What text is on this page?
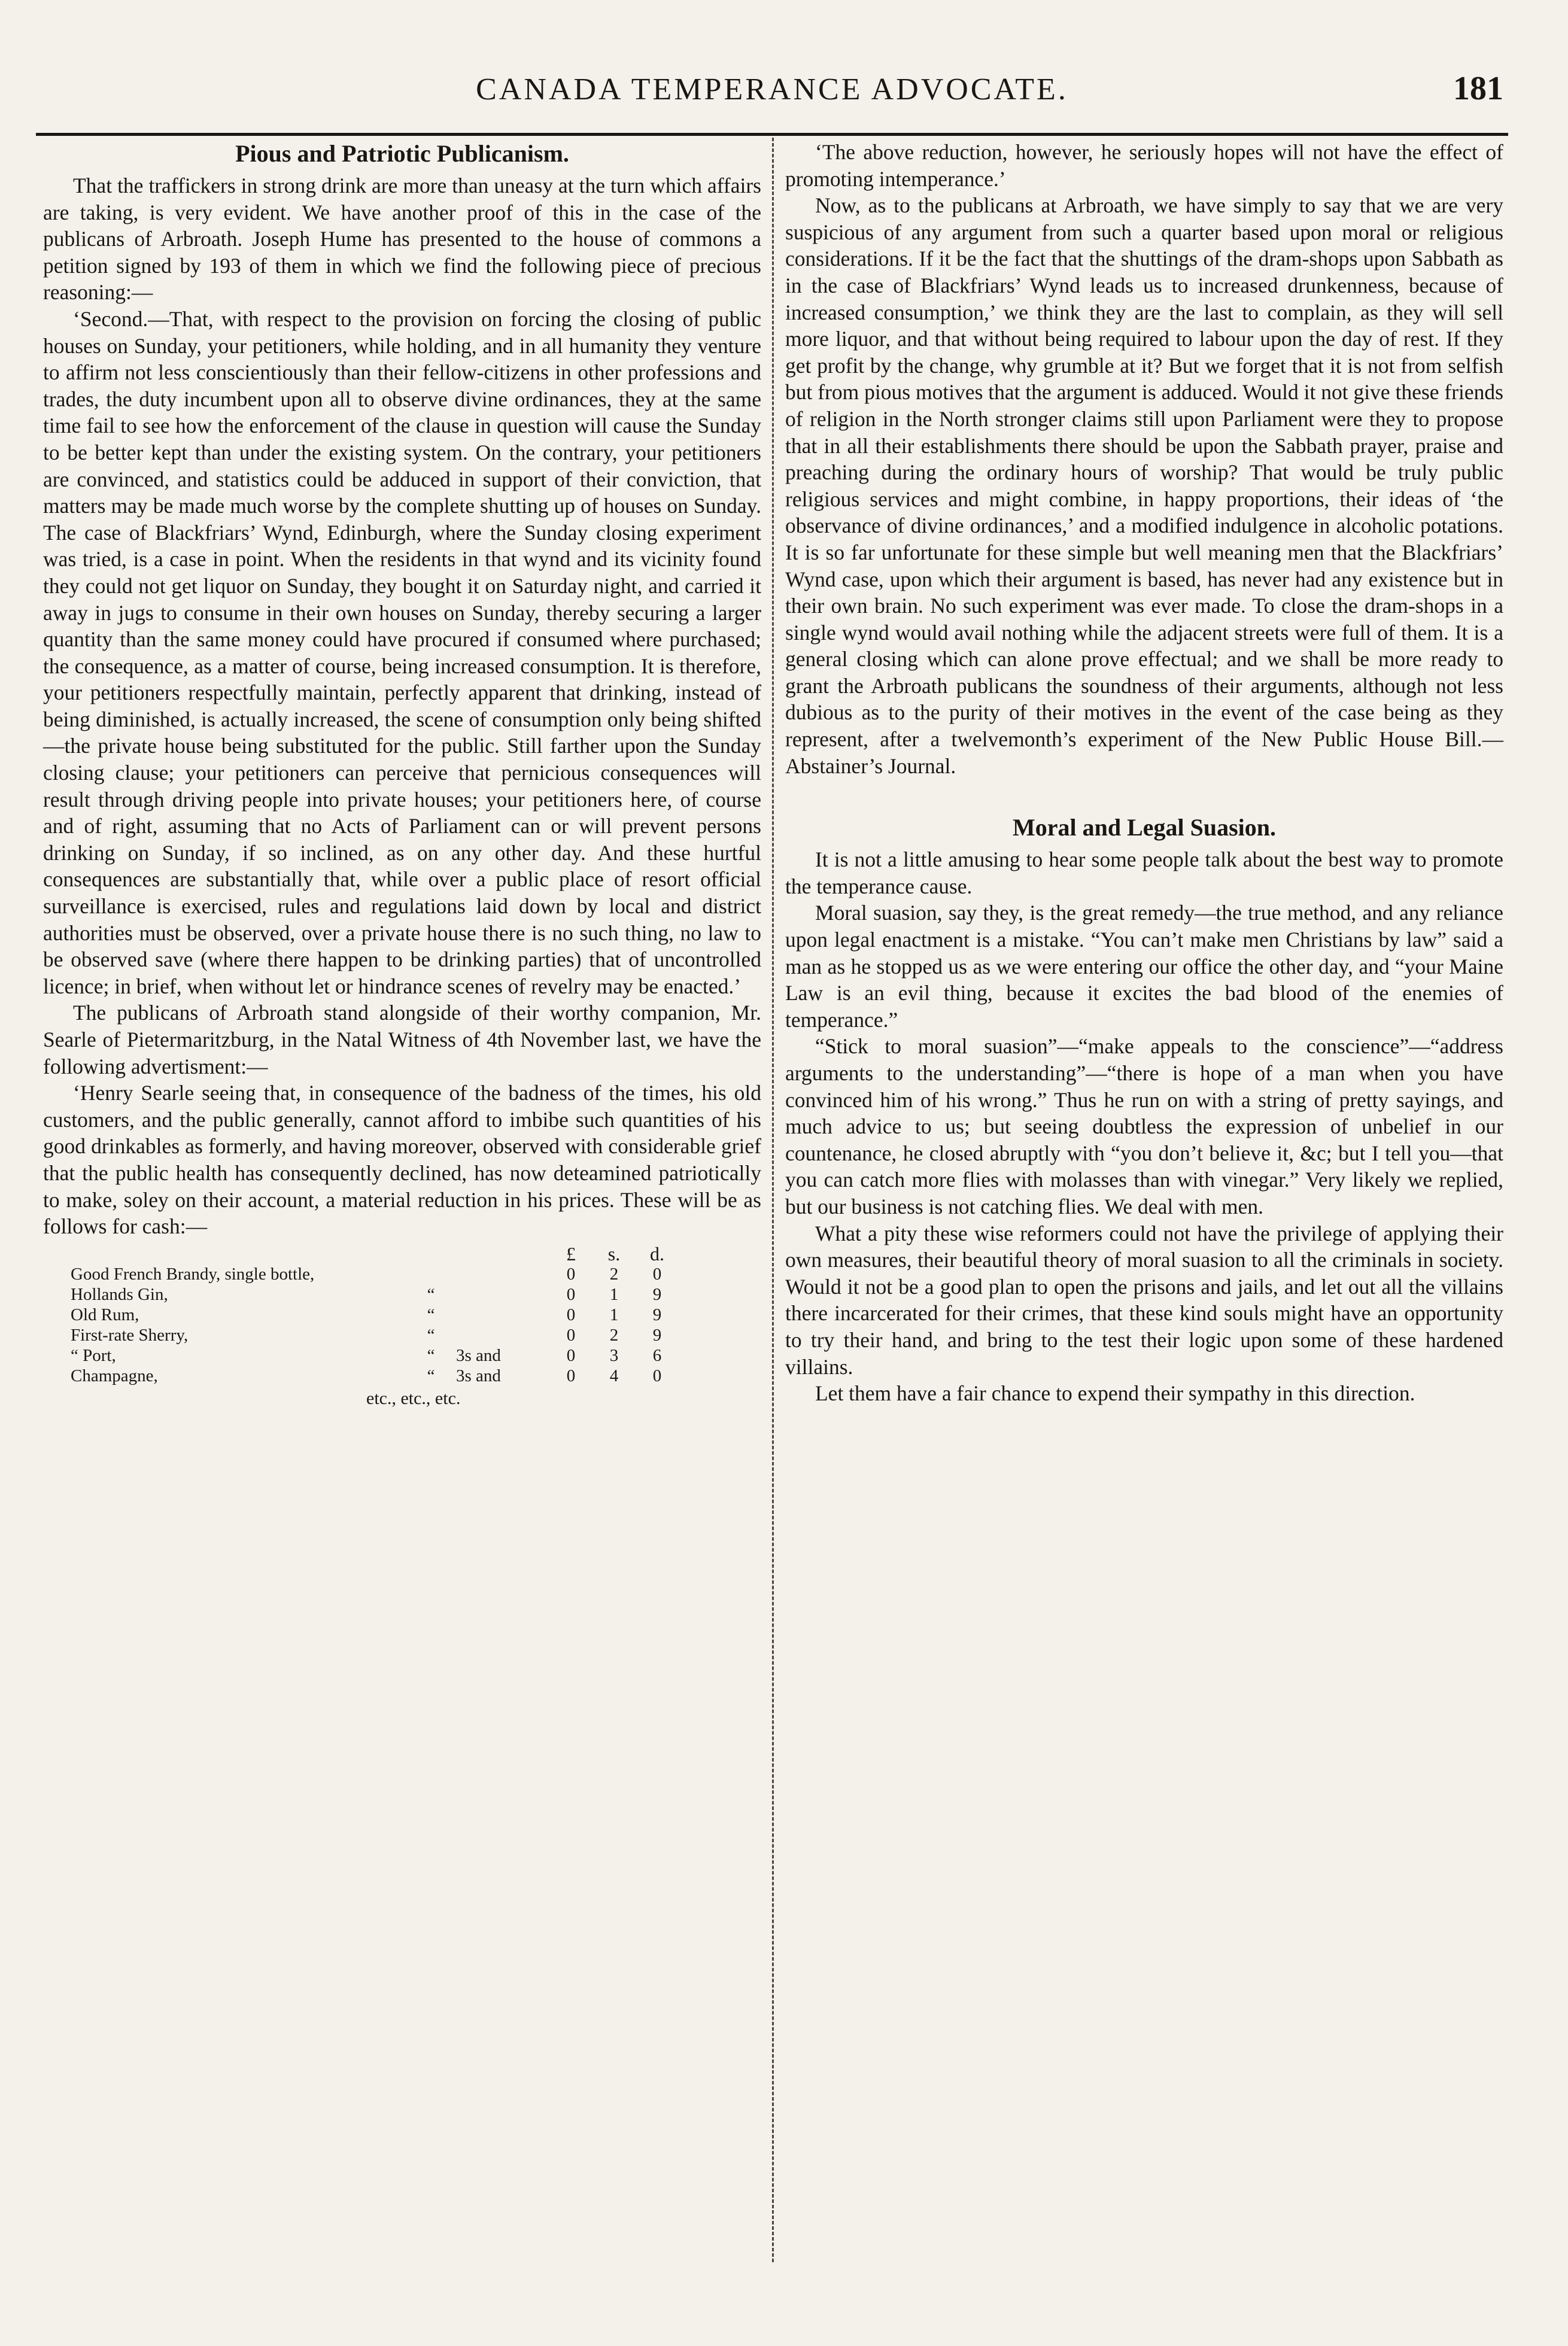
CANADA TEMPERANCE ADVOCATE.	181
Pious and Patriotic Publicanism.

That the traffickers in strong drink are more than uneasy at the turn which affairs are taking, is very evident. We have another proof of this in the case of the publicans of Arbroath. Joseph Hume has presented to the house of commons a petition signed by 193 of them in which we find the following piece of precious reasoning:—

‘Second.—That, with respect to the provision on forcing the closing of public houses on Sunday, your petitioners, while holding, and in all humanity they venture to affirm not less conscientiously than their fellow-citizens in other professions and trades, the duty incumbent upon all to observe divine ordinances, they at the same time fail to see how the enforcement of the clause in question will cause the Sunday to be better kept than under the existing system. On the contrary, your petitioners are convinced, and statistics could be adduced in support of their conviction, that matters may be made much worse by the complete shutting up of houses on Sunday. The case of Blackfriars’ Wynd, Edinburgh, where the Sunday closing experiment was tried, is a case in point. When the residents in that wynd and its vicinity found they could not get liquor on Sunday, they bought it on Saturday night, and carried it away in jugs to consume in their own houses on Sunday, thereby securing a larger quantity than the same money could have procured if consumed where purchased; the consequence, as a matter of course, being increased consumption. It is therefore, your petitioners respectfully maintain, perfectly apparent that drinking, instead of being diminished, is actually increased, the scene of consumption only being shifted—the private house being substituted for the public. Still farther upon the Sunday closing clause; your petitioners can perceive that pernicious consequences will result through driving people into private houses; your petitioners here, of course and of right, assuming that no Acts of Parliament can or will prevent persons drinking on Sunday, if so inclined, as on any other day. And these hurtful consequences are substantially that, while over a public place of resort official surveillance is exercised, rules and regulations laid down by local and district authorities must be observed, over a private house there is no such thing, no law to be observed save (where there happen to be drinking parties) that of uncontrolled licence; in brief, when without let or hindrance scenes of revelry may be enacted.’

The publicans of Arbroath stand alongside of their worthy companion, Mr. Searle of Pietermaritzburg, in the Natal Witness of 4th November last, we have the following advertisment:—

‘Henry Searle seeing that, in consequence of the badness of the times, his old customers, and the public generally, cannot afford to imbibe such quantities of his good drinkables as formerly, and having moreover, observed with considerable grief that the public health has consequently declined, has now deteamined patriotically to make, soley on their account, a material reduction in his prices. These will be as follows for cash:—

			£	s.	d.
Good French Brandy, single bottle,			0	2	0
Hollands Gin,	“		0	1	9
Old Rum,	“		0	1	9
First-rate Sherry,	“		0	2	9
“ Port,	“	3s and	0	3	6
Champagne,	“	3s and	0	4	0
etc., etc., etc.

‘The above reduction, however, he seriously hopes will not have the effect of promoting intemperance.’

Now, as to the publicans at Arbroath, we have simply to say that we are very suspicious of any argument from such a quarter based upon moral or religious considerations. If it be the fact that the shuttings of the dram-shops upon Sabbath as in the case of Blackfriars’ Wynd leads us to increased drunkenness, because of increased consumption,’ we think they are the last to complain, as they will sell more liquor, and that without being required to labour upon the day of rest. If they get profit by the change, why grumble at it? But we forget that it is not from selfish but from pious motives that the argument is adduced. Would it not give these friends of religion in the North stronger claims still upon Parliament were they to propose that in all their establishments there should be upon the Sabbath prayer, praise and preaching during the ordinary hours of worship? That would be truly public religious services and might combine, in happy proportions, their ideas of ‘the observance of divine ordinances,’ and a modified indulgence in alcoholic potations. It is so far unfortunate for these simple but well meaning men that the Blackfriars’ Wynd case, upon which their argument is based, has never had any existence but in their own brain. No such experiment was ever made. To close the dram-shops in a single wynd would avail nothing while the adjacent streets were full of them. It is a general closing which can alone prove effectual; and we shall be more ready to grant the Arbroath publicans the soundness of their arguments, although not less dubious as to the purity of their motives in the event of the case being as they represent, after a twelvemonth’s experiment of the New Public House Bill.—Abstainer’s Journal.

Moral and Legal Suasion.

It is not a little amusing to hear some people talk about the best way to promote the temperance cause.

Moral suasion, say they, is the great remedy—the true method, and any reliance upon legal enactment is a mistake. “You can’t make men Christians by law” said a man as he stopped us as we were entering our office the other day, and “your Maine Law is an evil thing, because it excites the bad blood of the enemies of temperance.”

“Stick to moral suasion”—“make appeals to the conscience”—“address arguments to the understanding”—“there is hope of a man when you have convinced him of his wrong.” Thus he run on with a string of pretty sayings, and much advice to us; but seeing doubtless the expression of unbelief in our countenance, he closed abruptly with “you don’t believe it, &c; but I tell you—that you can catch more flies with molasses than with vinegar.” Very likely we replied, but our business is not catching flies. We deal with men.

What a pity these wise reformers could not have the privilege of applying their own measures, their beautiful theory of moral suasion to all the criminals in society. Would it not be a good plan to open the prisons and jails, and let out all the villains there incarcerated for their crimes, that these kind souls might have an opportunity to try their hand, and bring to the test their logic upon some of these hardened villains.

Let them have a fair chance to expend their sympathy in this direction.
